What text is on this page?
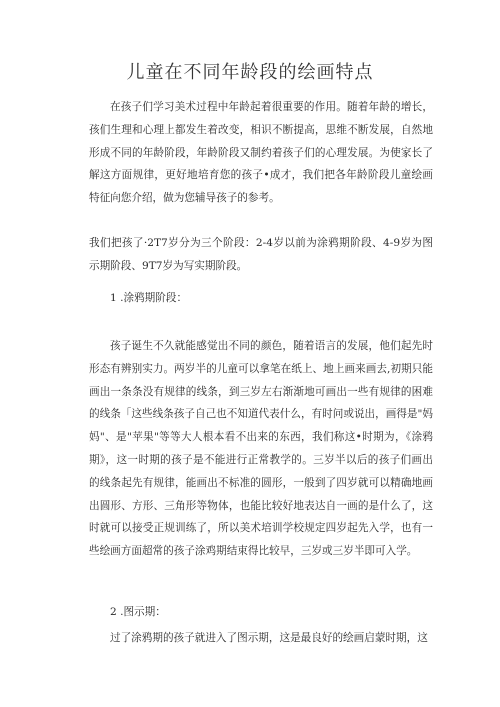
儿童在不同年龄段的绘画特点

在孩子们学习美术过程中年龄起着很重要的作用。随着年龄的增长，孩们生理和心理上都发生着改变，相识不断提高，思维不断发展，自然地形成不同的年龄阶段，年龄阶段又制约着孩子们的心理发展。为使家长了解这方面规律，更好地培育您的孩子•成才，我们把各年龄阶段儿童绘画特征向您介绍，做为您辅导孩子的参考。

我们把孩了·2T7岁分为三个阶段：2-4岁以前为涂鸦期阶段、4-9岁为图示期阶段、9T7岁为写实期阶段。

1 .涂鸦期阶段：

孩子诞生不久就能感觉出不同的颜色，随着语言的发展，他们起先时形态有辨别实力。两岁半的儿童可以拿笔在纸上、地上画来画去,初期只能画出一条条没有规律的线条，到三岁左右渐渐地可画出一些有规律的困难的线条「这些线条孩子自己也不知道代表什么，有时问或说出，画得是"妈妈"、是"苹果"等等大人根本看不出来的东西，我们称这•时期为，《涂鸦期》，这一时期的孩子是不能进行正常教学的。三岁半以后的孩子们画出的线条起先有规律，能画出不标准的圆形，一般到了四岁就可以精确地画出圆形、方形、三角形等物体，也能比较好地表达自一画的是什么了，这时就可以接受正规训练了，所以美术培训学校规定四岁起先入学，也有一些绘画方面超常的孩子涂鸡期结束得比较早，三岁或三岁半即可入学。

2 .图示期：

过了涂鸦期的孩子就进入了图示期，这是最良好的绘画启蒙时期，这
